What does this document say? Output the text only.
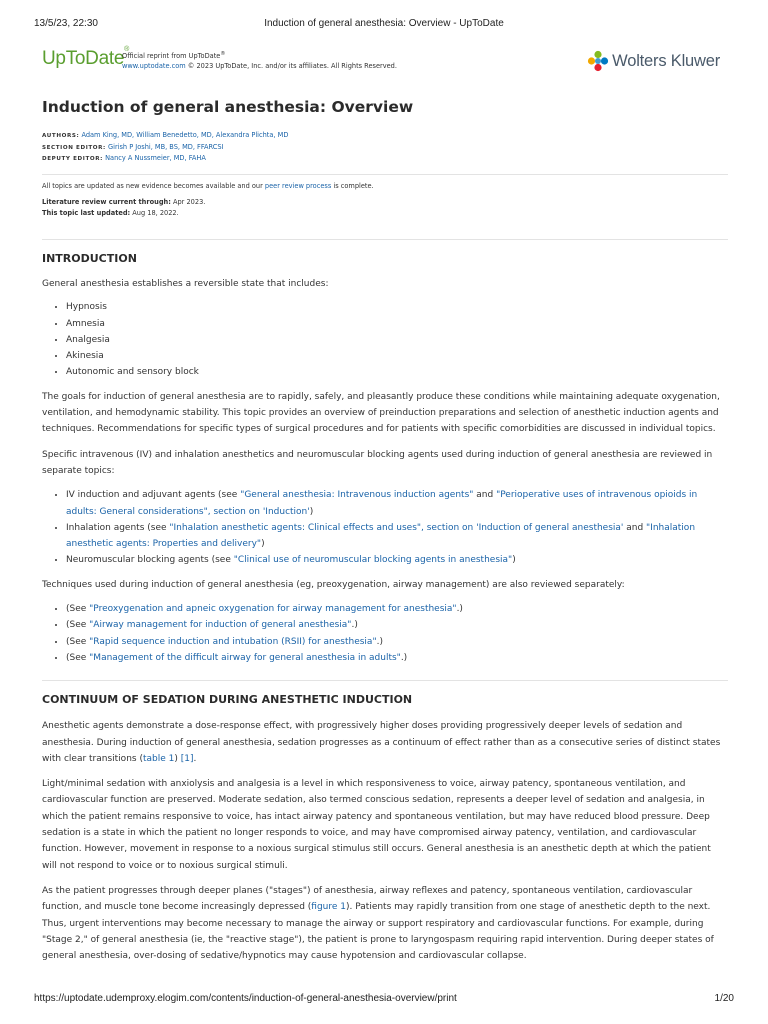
13/5/23, 22:30	Induction of general anesthesia: Overview - UpToDate
UpToDate®
Official reprint from UpToDate®
www.uptodate.com © 2023 UpToDate, Inc. and/or its affiliates. All Rights Reserved.	Wolters Kluwer
Induction of general anesthesia: Overview
AUTHORS: Adam King, MD, William Benedetto, MD, Alexandra Plichta, MD
SECTION EDITOR: Girish P Joshi, MB, BS, MD, FFARCSI
DEPUTY EDITOR: Nancy A Nussmeier, MD, FAHA
All topics are updated as new evidence becomes available and our peer review process is complete.
Literature review current through: Apr 2023.
This topic last updated: Aug 18, 2022.
INTRODUCTION

General anesthesia establishes a reversible state that includes:

• Hypnosis
• Amnesia
• Analgesia
• Akinesia
• Autonomic and sensory block

The goals for induction of general anesthesia are to rapidly, safely, and pleasantly produce these conditions while maintaining adequate oxygenation, ventilation, and hemodynamic stability. This topic provides an overview of preinduction preparations and selection of anesthetic induction agents and techniques. Recommendations for specific types of surgical procedures and for patients with specific comorbidities are discussed in individual topics.

Specific intravenous (IV) and inhalation anesthetics and neuromuscular blocking agents used during induction of general anesthesia are reviewed in separate topics:

• IV induction and adjuvant agents (see "General anesthesia: Intravenous induction agents" and "Perioperative uses of intravenous opioids in adults: General considerations", section on 'Induction')
• Inhalation agents (see "Inhalation anesthetic agents: Clinical effects and uses", section on 'Induction of general anesthesia' and "Inhalation anesthetic agents: Properties and delivery")
• Neuromuscular blocking agents (see "Clinical use of neuromuscular blocking agents in anesthesia")

Techniques used during induction of general anesthesia (eg, preoxygenation, airway management) are also reviewed separately:

• (See "Preoxygenation and apneic oxygenation for airway management for anesthesia".)
• (See "Airway management for induction of general anesthesia".)
• (See "Rapid sequence induction and intubation (RSII) for anesthesia".)
• (See "Management of the difficult airway for general anesthesia in adults".)
CONTINUUM OF SEDATION DURING ANESTHETIC INDUCTION

Anesthetic agents demonstrate a dose-response effect, with progressively higher doses providing progressively deeper levels of sedation and anesthesia. During induction of general anesthesia, sedation progresses as a continuum of effect rather than as a consecutive series of distinct states with clear transitions (table 1) [1].

Light/minimal sedation with anxiolysis and analgesia is a level in which responsiveness to voice, airway patency, spontaneous ventilation, and cardiovascular function are preserved. Moderate sedation, also termed conscious sedation, represents a deeper level of sedation and analgesia, in which the patient remains responsive to voice, has intact airway patency and spontaneous ventilation, but may have reduced blood pressure. Deep sedation is a state in which the patient no longer responds to voice, and may have compromised airway patency, ventilation, and cardiovascular function. However, movement in response to a noxious surgical stimulus still occurs. General anesthesia is an anesthetic depth at which the patient will not respond to voice or to noxious surgical stimuli.

As the patient progresses through deeper planes ("stages") of anesthesia, airway reflexes and patency, spontaneous ventilation, cardiovascular function, and muscle tone become increasingly depressed (figure 1). Patients may rapidly transition from one stage of anesthetic depth to the next. Thus, urgent interventions may become necessary to manage the airway or support respiratory and cardiovascular functions. For example, during "Stage 2," of general anesthesia (ie, the "reactive stage"), the patient is prone to laryngospasm requiring rapid intervention. During deeper states of general anesthesia, over-dosing of sedative/hypnotics may cause hypotension and cardiovascular collapse.

https://uptodate.udemproxy.elogim.com/contents/induction-of-general-anesthesia-overview/print	1/20
